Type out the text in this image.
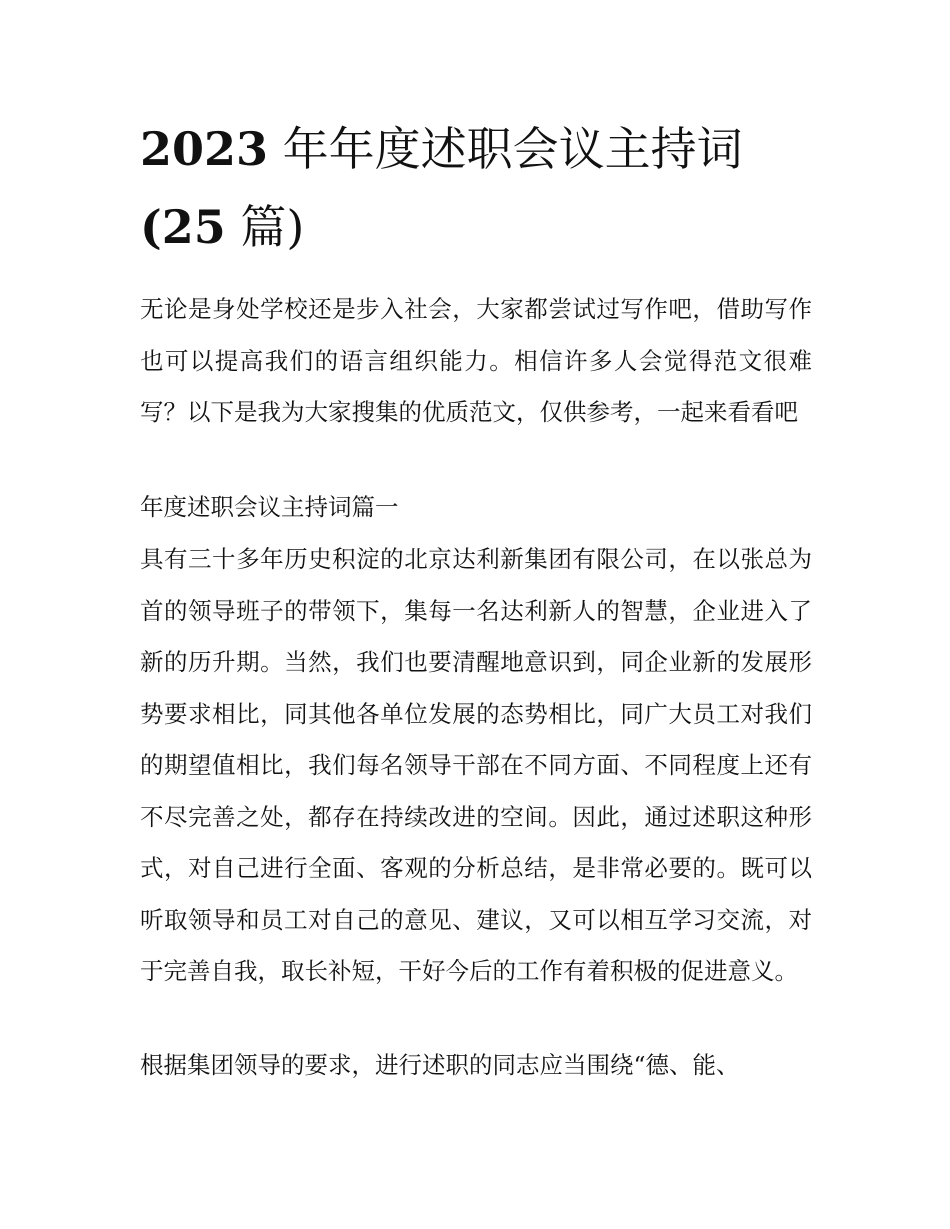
2023 年年度述职会议主持词
(25 篇)

无论是身处学校还是步入社会，大家都尝试过写作吧，借助写作也可以提高我们的语言组织能力。相信许多人会觉得范文很难写？以下是我为大家搜集的优质范文，仅供参考，一起来看看吧

年度述职会议主持词篇一

具有三十多年历史积淀的北京达利新集团有限公司，在以张总为首的领导班子的带领下，集每一名达利新人的智慧，企业进入了新的历升期。当然，我们也要清醒地意识到，同企业新的发展形势要求相比，同其他各单位发展的态势相比，同广大员工对我们的期望值相比，我们每名领导干部在不同方面、不同程度上还有不尽完善之处，都存在持续改进的空间。因此，通过述职这种形式，对自己进行全面、客观的分析总结，是非常必要的。既可以听取领导和员工对自己的意见、建议，又可以相互学习交流，对于完善自我，取长补短，干好今后的工作有着积极的促进意义。

根据集团领导的要求，进行述职的同志应当围绕“德、能、
